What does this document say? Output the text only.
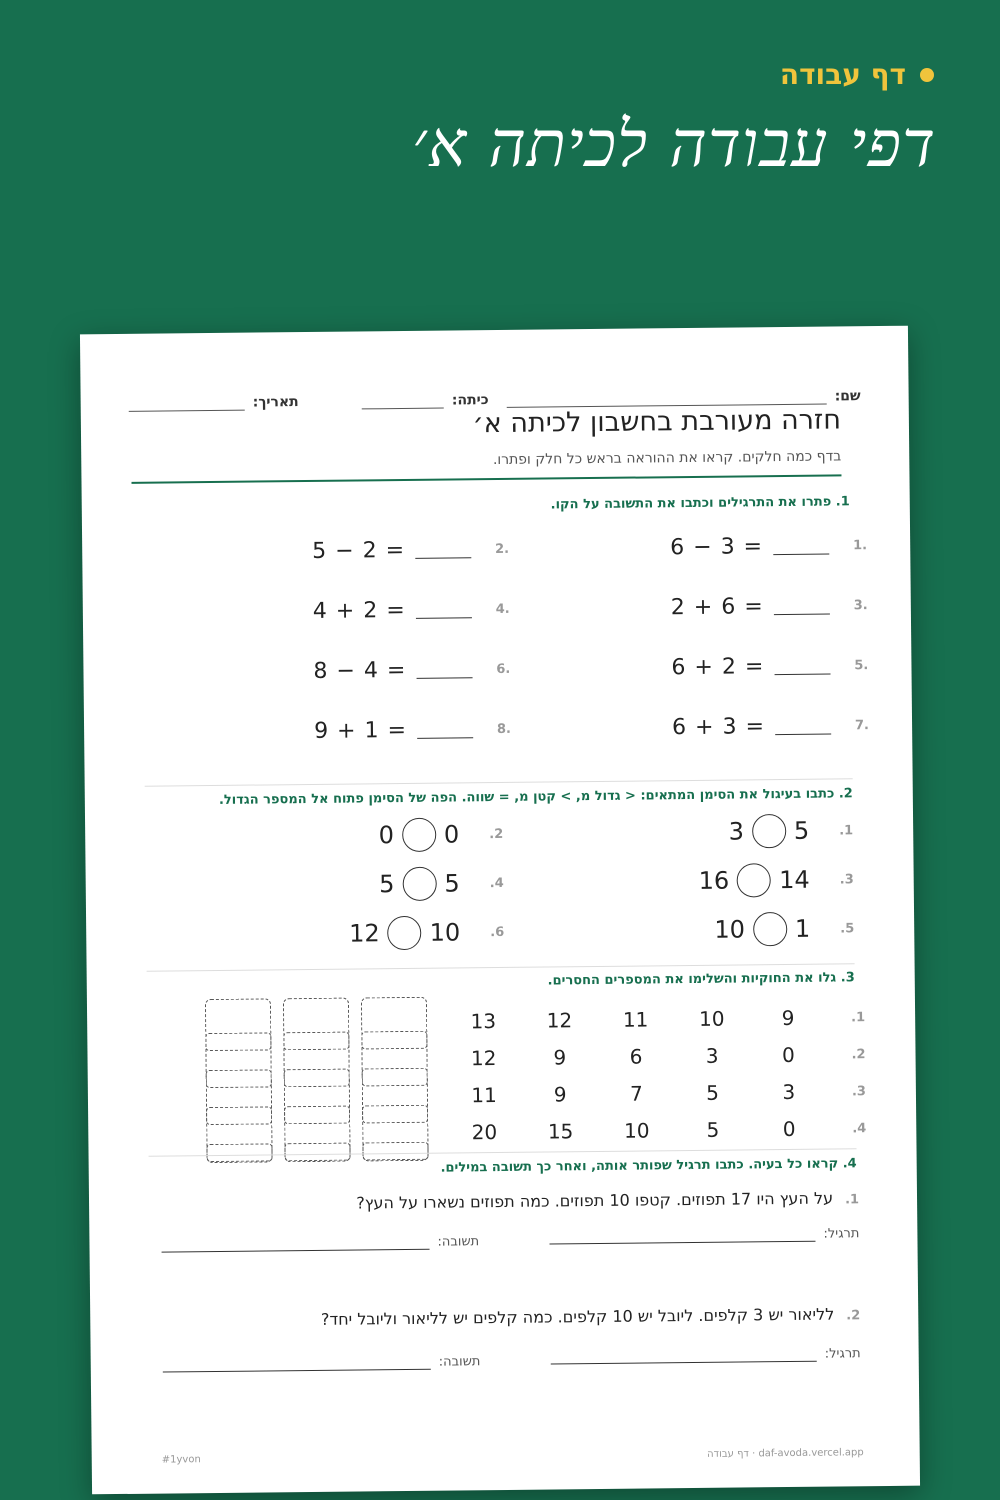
דף עבודה
דפי עבודה לכיתה א׳
שם:
כיתה:
תאריך:
חזרה מעורבת בחשבון לכיתה א׳
בדף כמה חלקים. קראו את ההוראה בראש כל חלק ופתרו.
1. פתרו את התרגילים וכתבו את התשובה על הקו.
6 − 3 =	1.
5 − 2 =	2.
2 + 6 =	3.
4 + 2 =	4.
6 + 2 =	5.
8 − 4 =	6.
6 + 3 =	7.
9 + 1 =	8.
2. כתבו בעיגול את הסימן המתאים: < גדול מ, > קטן מ, = שווה. הפה של הסימן פתוח אל המספר הגדול.
1.
5
3
2.
0
0
3.
14
16
4.
5
5
5.
1
10
6.
10
12
3. גלו את החוקיות והשלימו את המספרים החסרים.
1.
9
10
11
12
13
2.
0
3
6
9
12
3.
3
5
7
9
11
4.
0
5
10
15
20
4. קראו כל בעיה. כתבו תרגיל שפותר אותה, ואחר כך תשובה במילים.
1.על העץ היו 17 תפוזים. קטפו 10 תפוזים. כמה תפוזים נשארו על העץ?
תרגיל:
תשובה:
2.לליאור יש 3 קלפים. ליובל יש 10 קלפים. כמה קלפים יש לליאור וליובל יחד?
תרגיל:
תשובה:
#1yvon
דף עבודה · daf-avoda.vercel.app
